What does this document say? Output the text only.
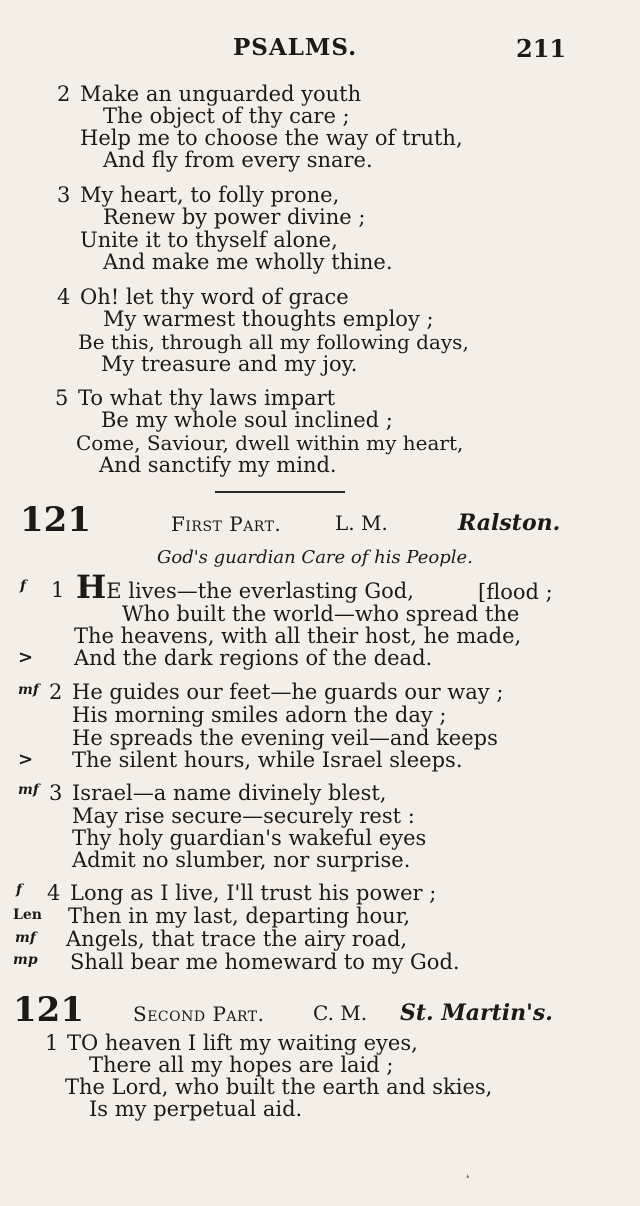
PSALMS.	211
2 Make an unguarded youth
The object of thy care ;
Help me to choose the way of truth,
And fly from every snare.
3 My heart, to folly prone,
Renew by power divine ;
Unite it to thyself alone,
And make me wholly thine.
4 Oh! let thy word of grace
My warmest thoughts employ ;
Be this, through all my following days,
My treasure and my joy.
5 To what thy laws impart
Be my whole soul inclined ;
Come, Saviour, dwell within my heart,
And sanctify my mind.
121	First Part.	L. M.	Ralston.
God's guardian Care of his People.
f 1 HE lives—the everlasting God,	[flood ;
Who built the world—who spread the
The heavens, with all their host, he made,
> And the dark regions of the dead.
mf 2 He guides our feet—he guards our way ;
His morning smiles adorn the day ;
He spreads the evening veil—and keeps
> The silent hours, while Israel sleeps.
mf 3 Israel—a name divinely blest,
May rise secure—securely rest :
Thy holy guardian's wakeful eyes
Admit no slumber, nor surprise.
f 4 Long as I live, I'll trust his power ;
Len Then in my last, departing hour,
mf Angels, that trace the airy road,
mp Shall bear me homeward to my God.
121 Second Part. C. M. St. Martin's.
1 TO heaven I lift my waiting eyes,
There all my hopes are laid ;
The Lord, who built the earth and skies,
Is my perpetual aid.
❛
